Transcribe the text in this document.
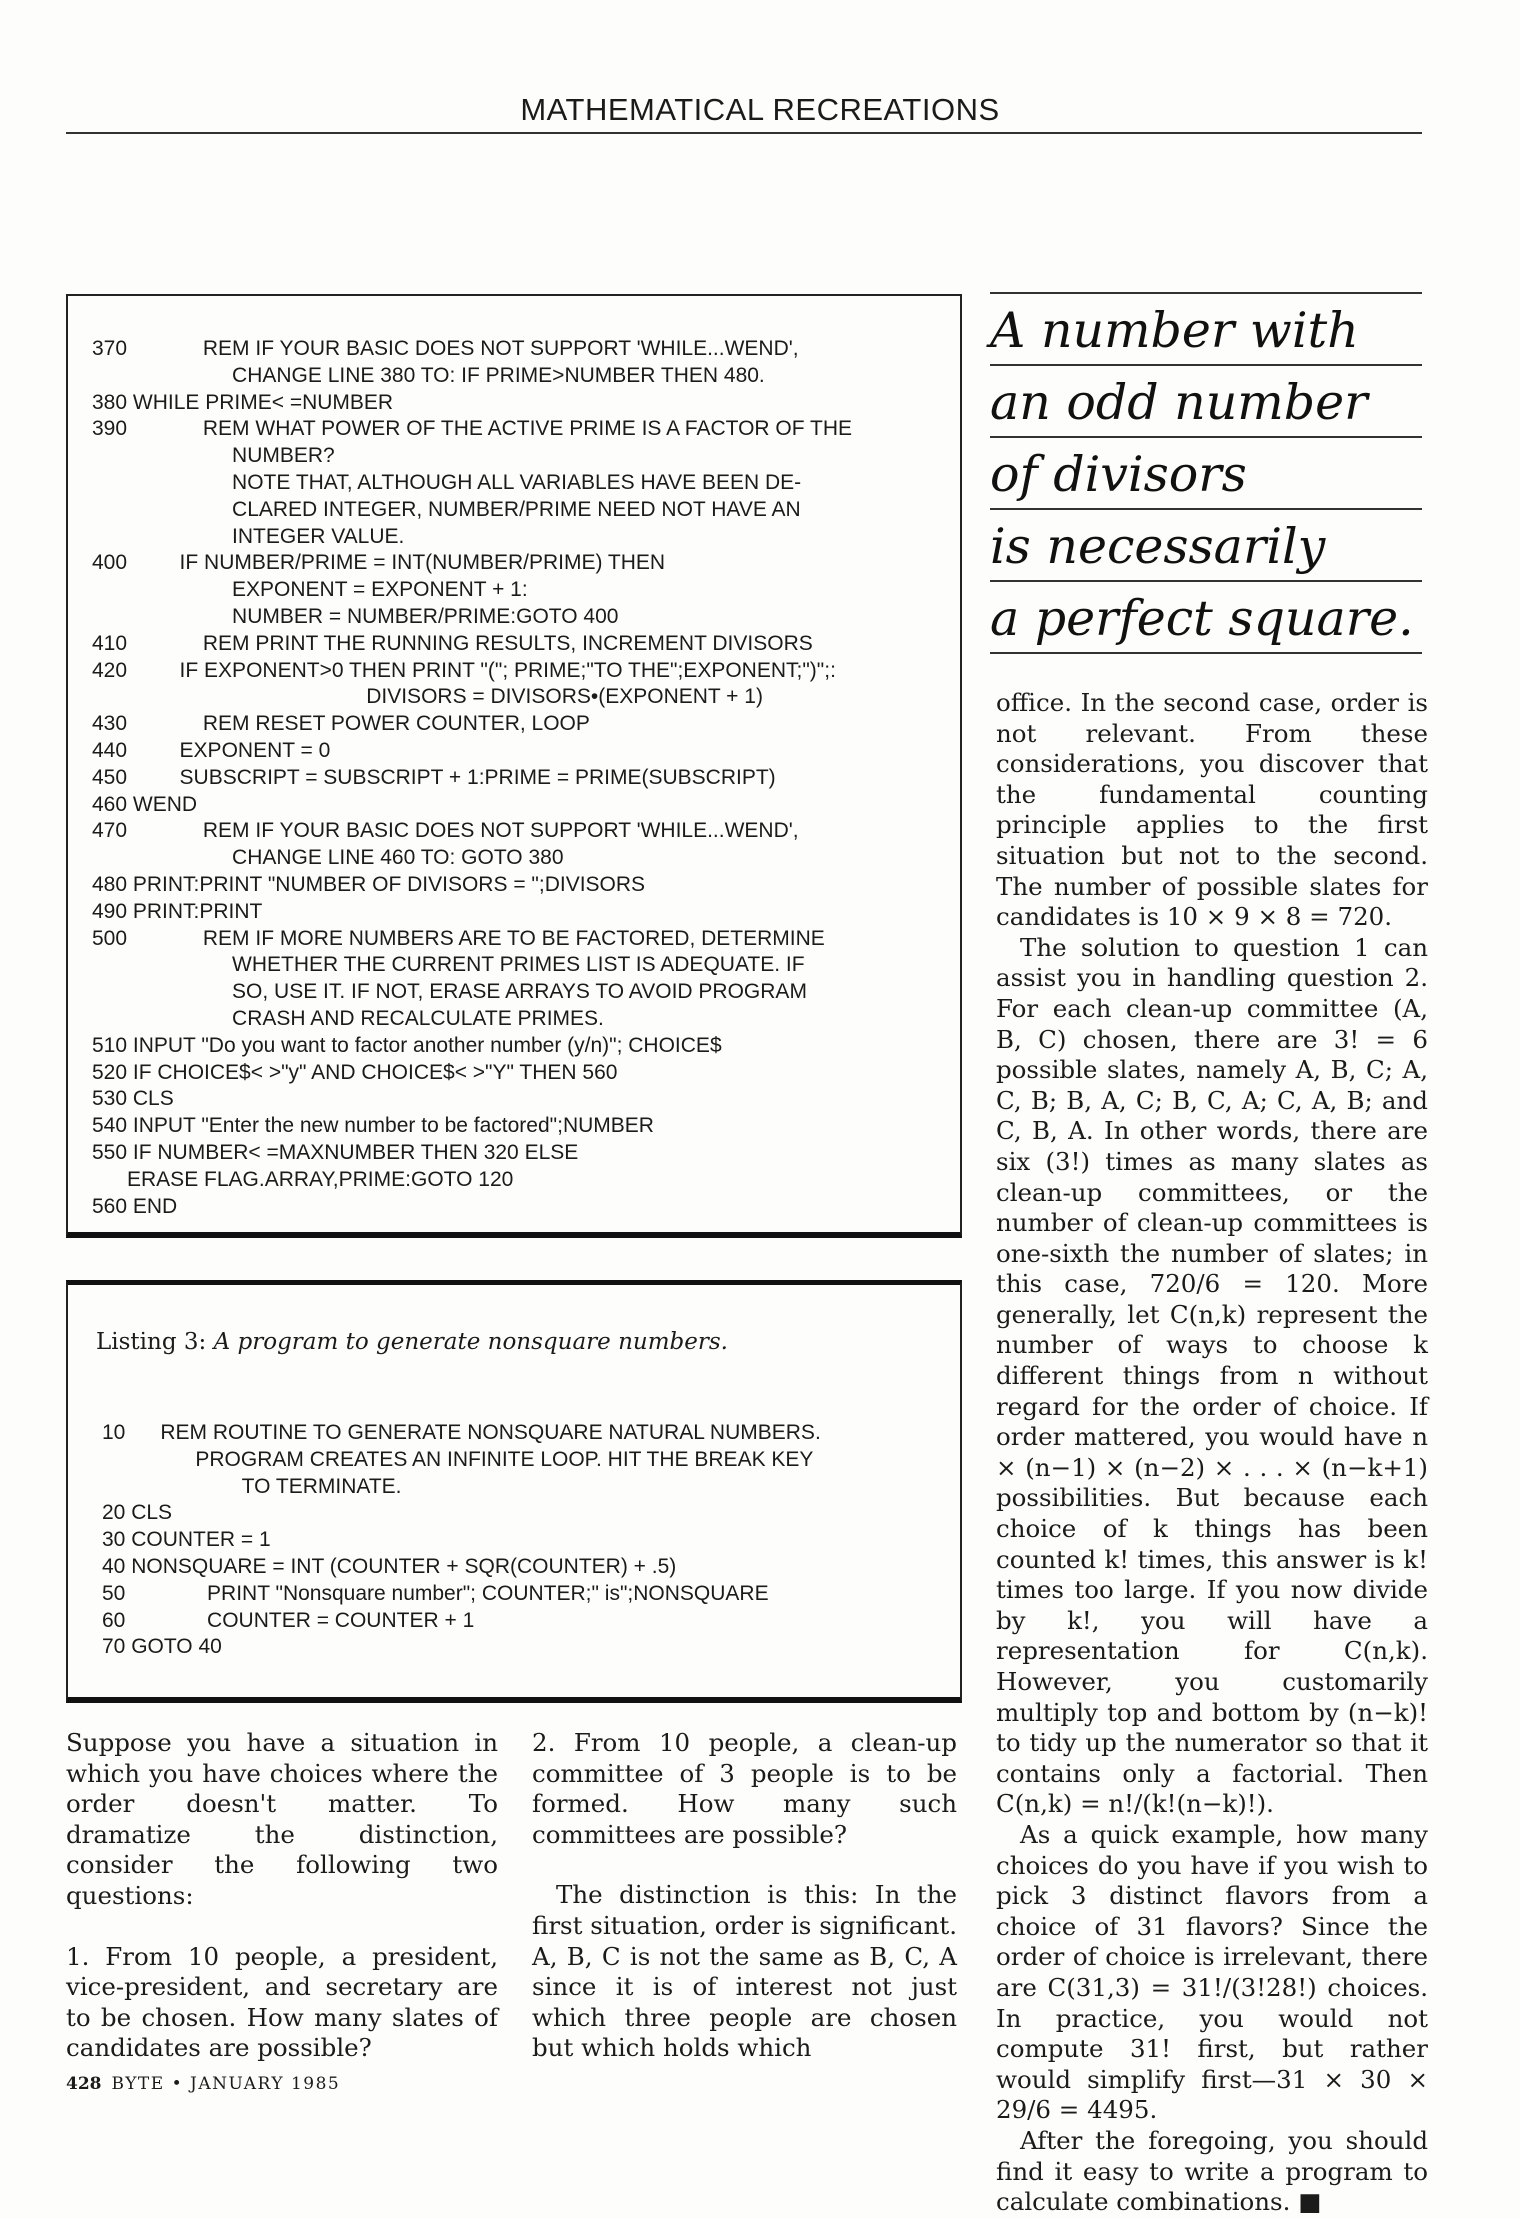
MATHEMATICAL RECREATIONS
370             REM IF YOUR BASIC DOES NOT SUPPORT 'WHILE...WEND',
CHANGE LINE 380 TO: IF PRIME>NUMBER THEN 480.
380 WHILE PRIME< =NUMBER
390             REM WHAT POWER OF THE ACTIVE PRIME IS A FACTOR OF THE
NUMBER?
NOTE THAT, ALTHOUGH ALL VARIABLES HAVE BEEN DE-
CLARED INTEGER, NUMBER/PRIME NEED NOT HAVE AN
INTEGER VALUE.
400         IF NUMBER/PRIME = INT(NUMBER/PRIME) THEN
EXPONENT = EXPONENT + 1:
NUMBER = NUMBER/PRIME:GOTO 400
410             REM PRINT THE RUNNING RESULTS, INCREMENT DIVISORS
420         IF EXPONENT>0 THEN PRINT "("; PRIME;"TO THE";EXPONENT;")";:
DIVISORS = DIVISORS•(EXPONENT + 1)
430             REM RESET POWER COUNTER, LOOP
440         EXPONENT = 0
450         SUBSCRIPT = SUBSCRIPT + 1:PRIME = PRIME(SUBSCRIPT)
460 WEND
470             REM IF YOUR BASIC DOES NOT SUPPORT 'WHILE...WEND',
CHANGE LINE 460 TO: GOTO 380
480 PRINT:PRINT "NUMBER OF DIVISORS = ";DIVISORS
490 PRINT:PRINT
500             REM IF MORE NUMBERS ARE TO BE FACTORED, DETERMINE
WHETHER THE CURRENT PRIMES LIST IS ADEQUATE. IF
SO, USE IT. IF NOT, ERASE ARRAYS TO AVOID PROGRAM
CRASH AND RECALCULATE PRIMES.
510 INPUT "Do you want to factor another number (y/n)"; CHOICE$
520 IF CHOICE$< >"y" AND CHOICE$< >"Y" THEN 560
530 CLS
540 INPUT "Enter the new number to be factored";NUMBER
550 IF NUMBER< =MAXNUMBER THEN 320 ELSE
ERASE FLAG.ARRAY,PRIME:GOTO 120
560 END
Listing 3: A program to generate nonsquare numbers.
10      REM ROUTINE TO GENERATE NONSQUARE NATURAL NUMBERS.
PROGRAM CREATES AN INFINITE LOOP. HIT THE BREAK KEY
TO TERMINATE.
20 CLS
30 COUNTER = 1
40 NONSQUARE = INT (COUNTER + SQR(COUNTER) + .5)
50              PRINT "Nonsquare number"; COUNTER;" is";NONSQUARE
60              COUNTER = COUNTER + 1
70 GOTO 40
A number with
an odd number
of divisors
is necessarily
a perfect square.

Suppose you have a situation in which you have choices where the order doesn't matter. To dramatize the distinction, consider the following two questions:

1. From 10 people, a president, vice-president, and secretary are to be chosen. How many slates of candidates are possible?

2. From 10 people, a clean-up committee of 3 people is to be formed. How many such committees are possible?

The distinction is this: In the first situation, order is significant. A, B, C is not the same as B, C, A since it is of interest not just which three people are chosen but which holds which

office. In the second case, order is not relevant. From these considerations, you discover that the fundamental counting principle applies to the first situation but not to the second. The number of possible slates for candidates is 10 × 9 × 8 = 720.

The solution to question 1 can assist you in handling question 2. For each clean-up committee (A, B, C) chosen, there are 3! = 6 possible slates, namely A, B, C; A, C, B; B, A, C; B, C, A; C, A, B; and C, B, A. In other words, there are six (3!) times as many slates as clean-up committees, or the number of clean-up committees is one-sixth the number of slates; in this case, 720/6 = 120. More generally, let C(n,k) represent the number of ways to choose k different things from n without regard for the order of choice. If order mattered, you would have n × (n−1) × (n−2) × . . . × (n−k+1) possibilities. But because each choice of k things has been counted k! times, this answer is k! times too large. If you now divide by k!, you will have a representation for C(n,k). However, you customarily multiply top and bottom by (n−k)! to tidy up the numerator so that it contains only a factorial. Then C(n,k) = n!/(k!(n−k)!).

As a quick example, how many choices do you have if you wish to pick 3 distinct flavors from a choice of 31 flavors? Since the order of choice is irrelevant, there are C(31,3) = 31!/(3!28!) choices. In practice, you would not compute 31! first, but rather would simplify first—31 × 30 × 29/6 = 4495.

After the foregoing, you should find it easy to write a program to calculate combinations. ■

428 BYTE • JANUARY 1985
